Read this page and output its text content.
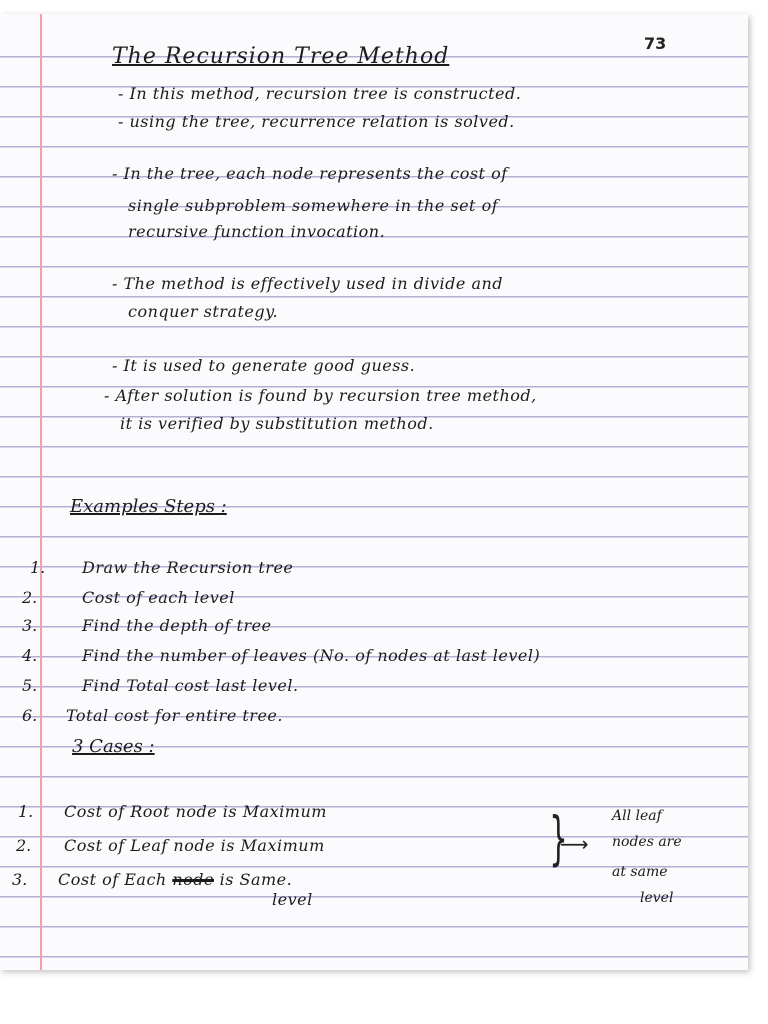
73
The Recursion Tree Method
- In this method, recursion tree is constructed.
- using the tree, recurrence relation is solved.
- In the tree, each node represents the cost of
single subproblem somewhere in the set of
recursive function invocation.
- The method is effectively used in divide and
conquer strategy.
- It is used to generate good guess.
- After solution is found by recursion tree method,
it is verified by substitution method.
Examples Steps :
1. Draw the Recursion tree
2.	Cost of each level
3.	Find the depth of tree
4.	Find the number of leaves (No. of nodes at last level)
5.	Find Total cost last level.
6. Total cost for entire tree.
3 Cases :
1. Cost of Root node is Maximum
2. Cost of Leaf node is Maximum
3. Cost of Each node is Same.
level
}
⟶
All leaf
nodes are
at same
level
